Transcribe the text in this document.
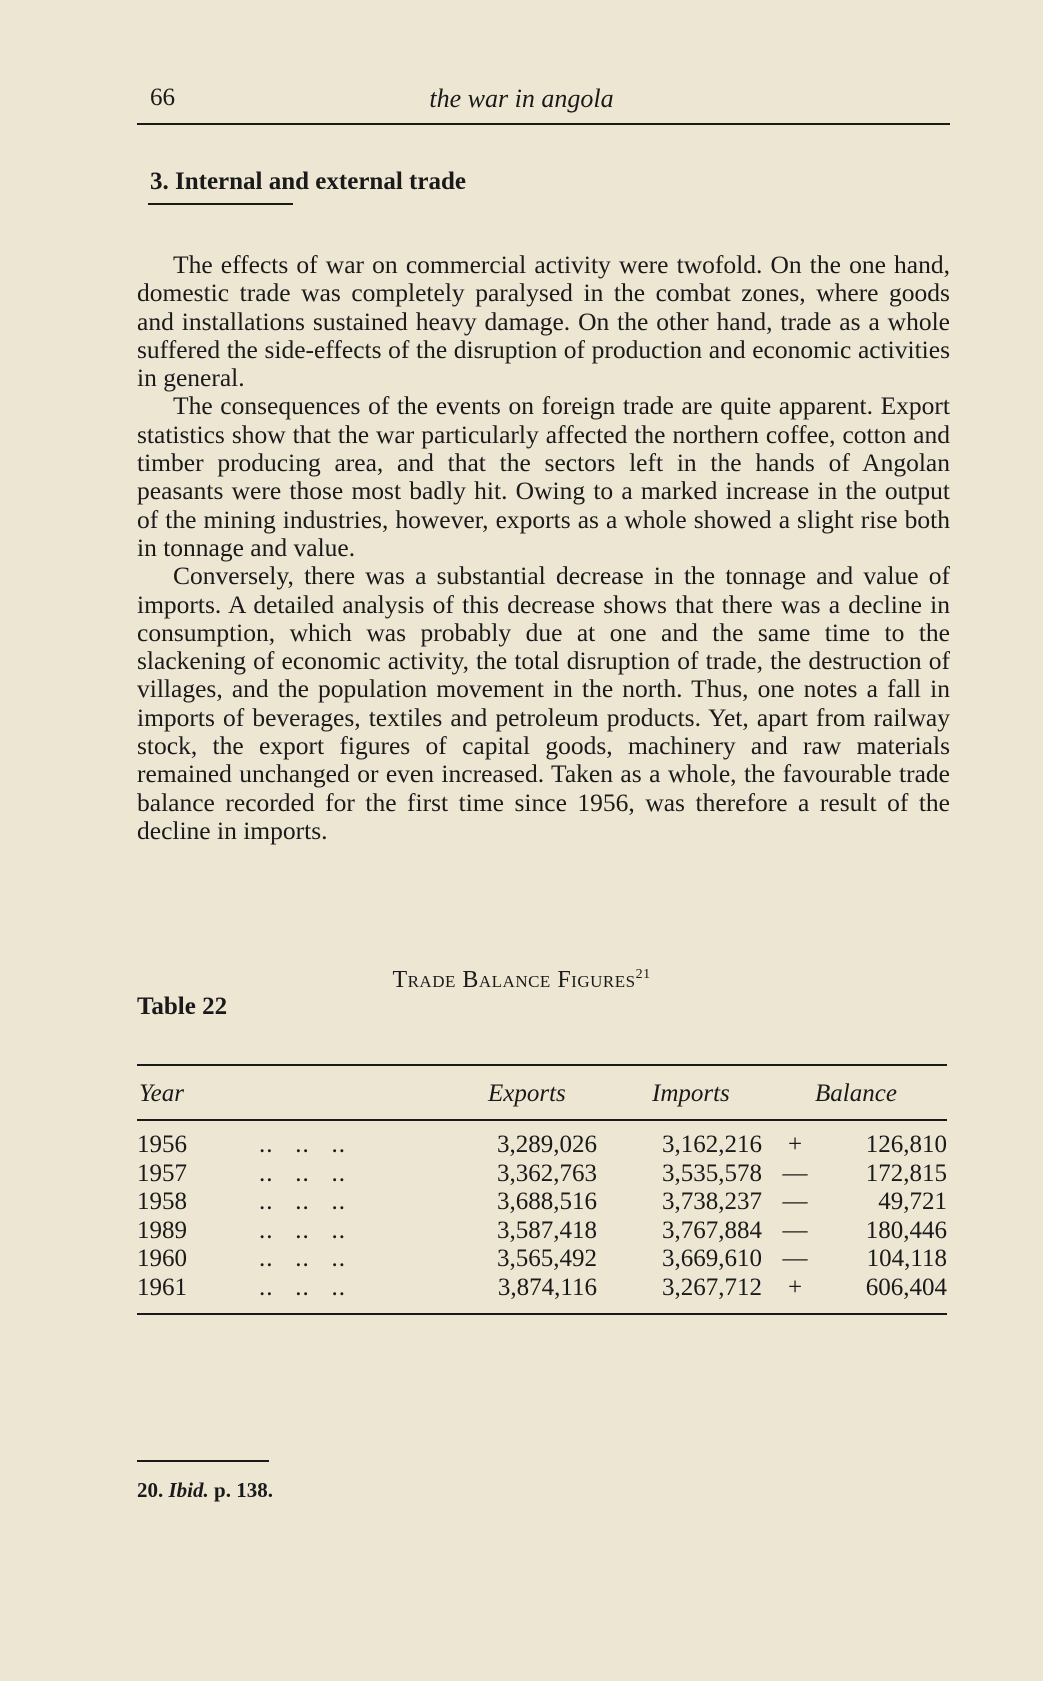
66	the war in angola
3. Internal and external trade

The effects of war on commercial activity were twofold. On the one hand, domestic trade was completely paralysed in the combat zones, where goods and installations sustained heavy damage. On the other hand, trade as a whole suffered the side-effects of the disruption of production and economic activities in general.

The consequences of the events on foreign trade are quite apparent. Export statistics show that the war particularly affected the northern coffee, cotton and timber producing area, and that the sectors left in the hands of Angolan peasants were those most badly hit. Owing to a marked increase in the output of the mining industries, however, exports as a whole showed a slight rise both in tonnage and value.

Conversely, there was a substantial decrease in the tonnage and value of imports. A detailed analysis of this decrease shows that there was a decline in consumption, which was probably due at one and the same time to the slackening of economic activity, the total disruption of trade, the destruction of villages, and the population movement in the north. Thus, one notes a fall in imports of beverages, textiles and petroleum products. Yet, apart from railway stock, the export figures of capital goods, machinery and raw materials remained unchanged or even increased. Taken as a whole, the favourable trade balance recorded for the first time since 1956, was therefore a result of the decline in imports.

Trade Balance Figures$^{21}$
Table 22
Year	Exports	Imports	Balance
1956	..   ..   ..	3,289,026	3,162,216	+	126,810
1957	..   ..   ..	3,362,763	3,535,578 — 172,815
1958	..   ..   ..	3,688,516	3,738,237 —	49,721
1989	..   ..   ..	3,587,418	3,767,884 — 180,446
1960	..   ..   ..	3,565,492	3,669,610 — 104,118
1961	..   ..   ..	3,874,116	3,267,712	+	606,404
20. Ibid. p. 138.
